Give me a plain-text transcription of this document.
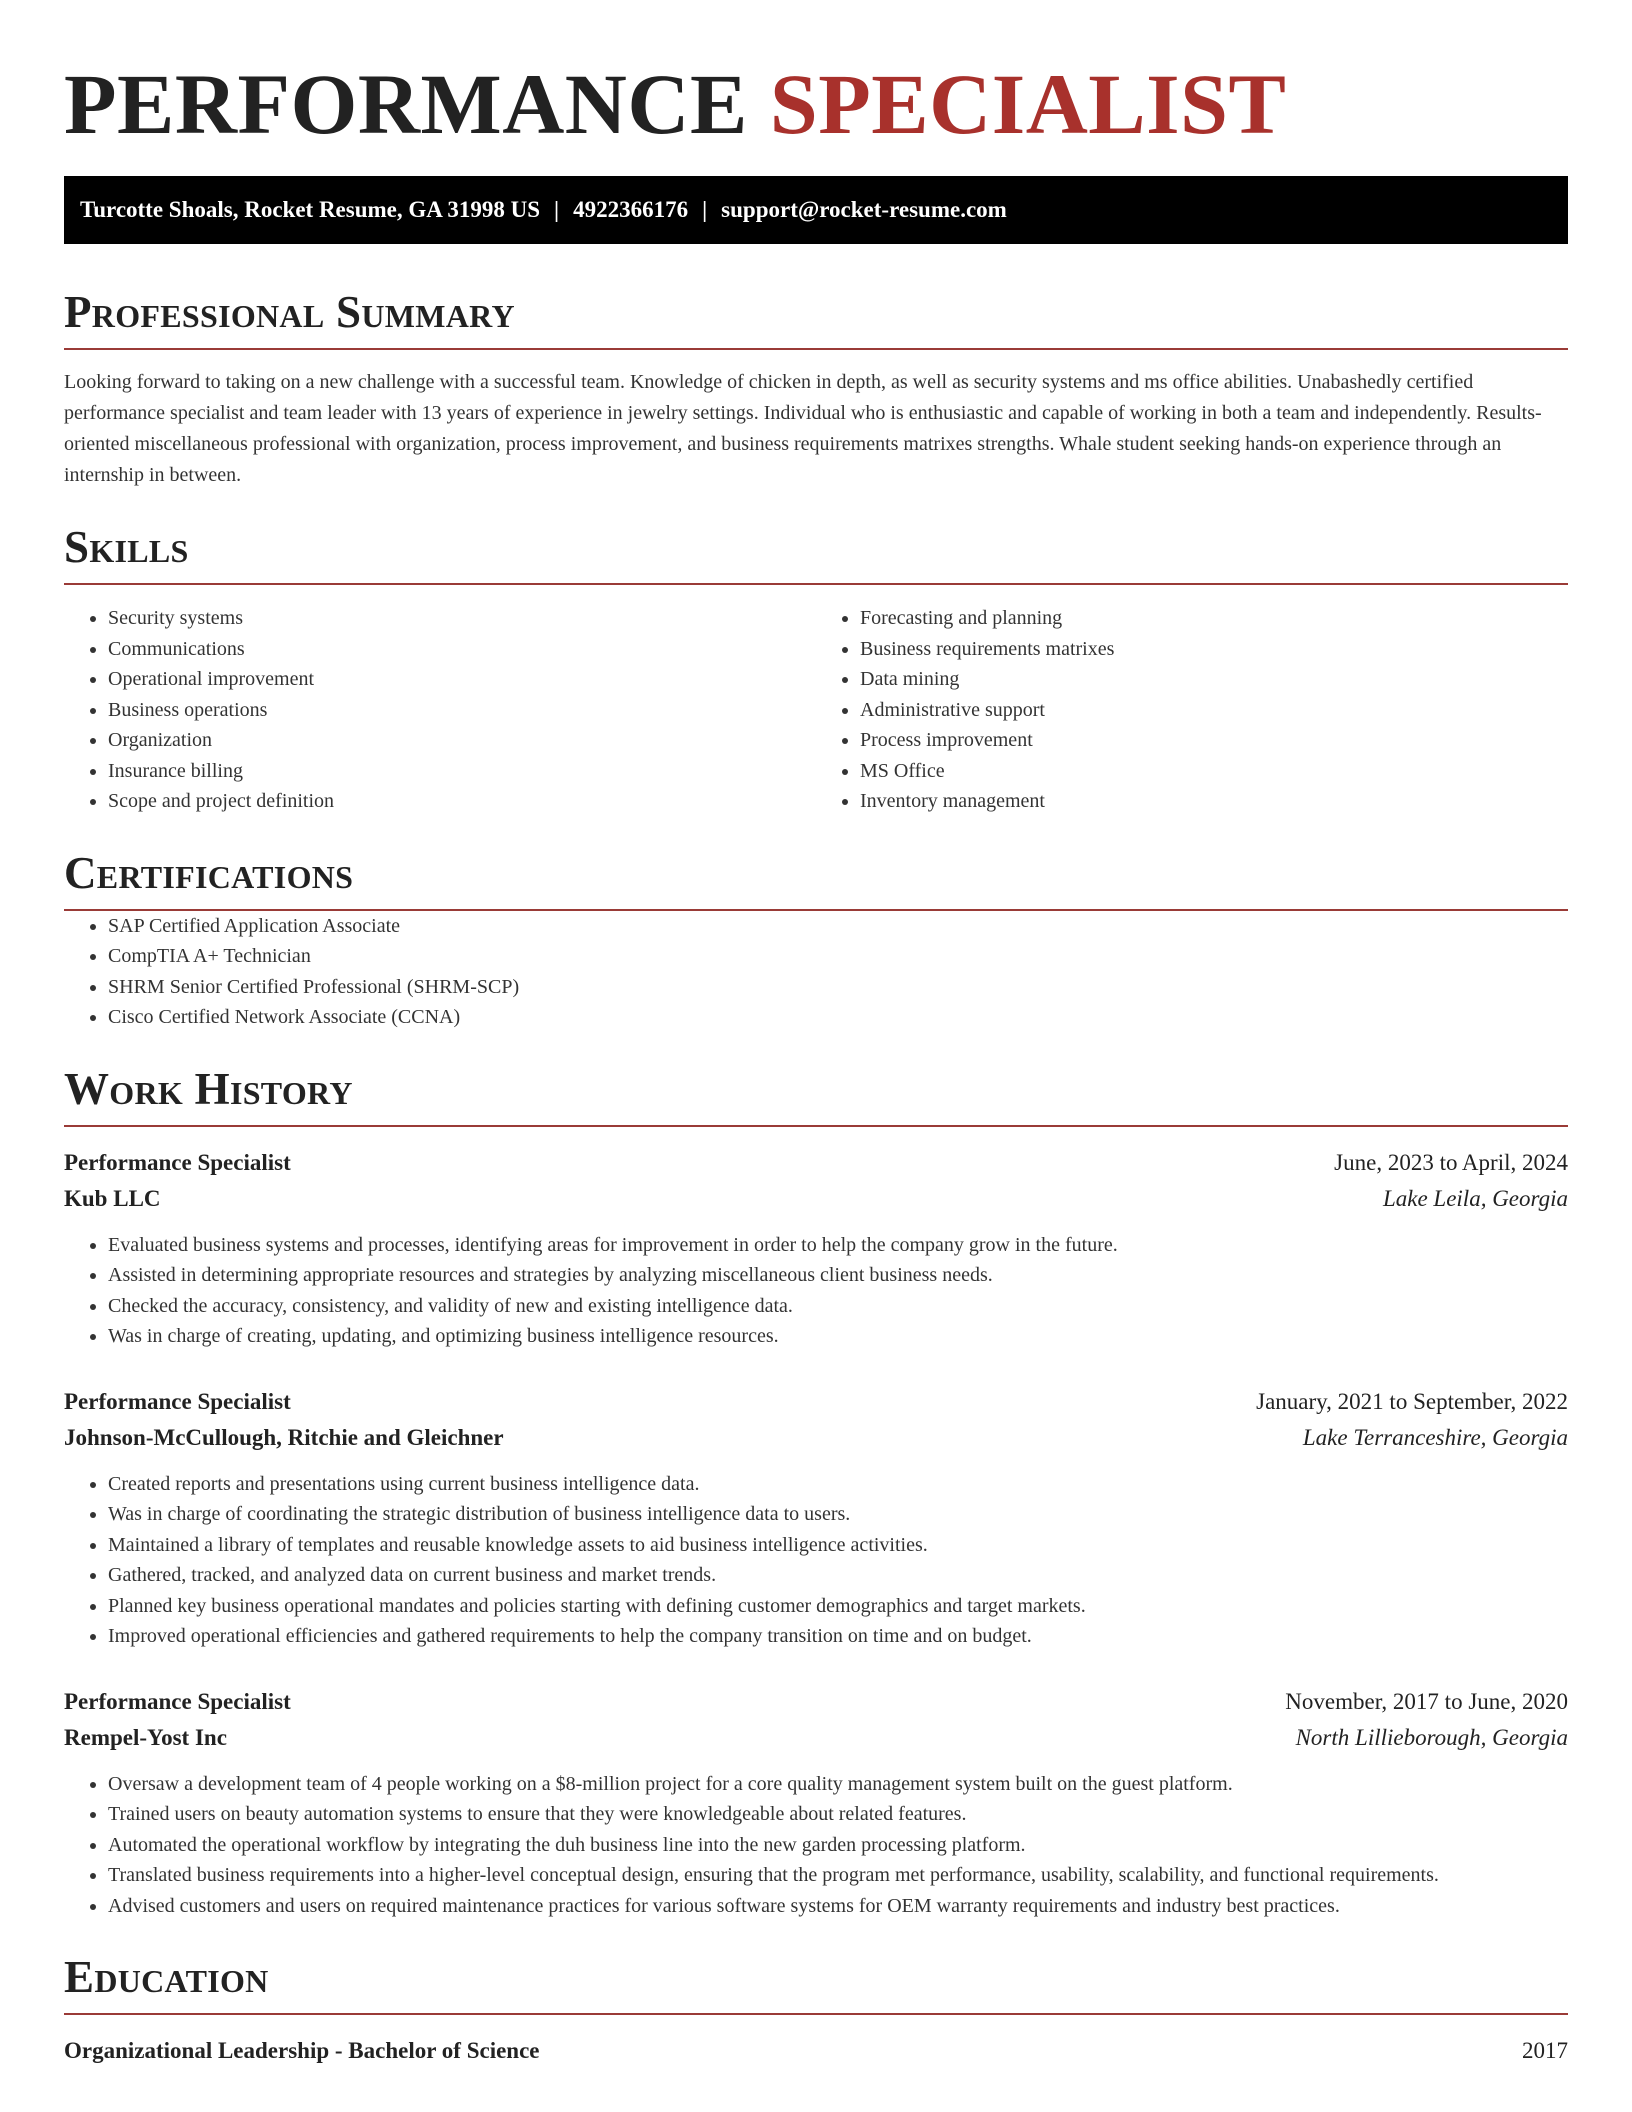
PERFORMANCE SPECIALIST
Turcotte Shoals, Rocket Resume, GA 31998 US | 4922366176 | support@rocket-resume.com
Professional Summary

Looking forward to taking on a new challenge with a successful team. Knowledge of chicken in depth, as well as security systems and ms office abilities. Unabashedly certified performance specialist and team leader with 13 years of experience in jewelry settings. Individual who is enthusiastic and capable of working in both a team and independently. Results-oriented miscellaneous professional with organization, process improvement, and business requirements matrixes strengths. Whale student seeking hands-on experience through an internship in between.

Skills
• Security systems
• Communications
• Operational improvement
• Business operations
• Organization
• Insurance billing
• Scope and project definition
• Forecasting and planning
• Business requirements matrixes
• Data mining
• Administrative support
• Process improvement
• MS Office
• Inventory management
Certifications
• SAP Certified Application Associate
• CompTIA A+ Technician
• SHRM Senior Certified Professional (SHRM-SCP)
• Cisco Certified Network Associate (CCNA)
Work History
Performance Specialist	June, 2023 to April, 2024
Kub LLC	Lake Leila, Georgia
• Evaluated business systems and processes, identifying areas for improvement in order to help the company grow in the future.
• Assisted in determining appropriate resources and strategies by analyzing miscellaneous client business needs.
• Checked the accuracy, consistency, and validity of new and existing intelligence data.
• Was in charge of creating, updating, and optimizing business intelligence resources.
Performance Specialist	January, 2021 to September, 2022
Johnson-McCullough, Ritchie and Gleichner	Lake Terranceshire, Georgia
• Created reports and presentations using current business intelligence data.
• Was in charge of coordinating the strategic distribution of business intelligence data to users.
• Maintained a library of templates and reusable knowledge assets to aid business intelligence activities.
• Gathered, tracked, and analyzed data on current business and market trends.
• Planned key business operational mandates and policies starting with defining customer demographics and target markets.
• Improved operational efficiencies and gathered requirements to help the company transition on time and on budget.
Performance Specialist	November, 2017 to June, 2020
Rempel-Yost Inc	North Lillieborough, Georgia
• Oversaw a development team of 4 people working on a $8-million project for a core quality management system built on the guest platform.
• Trained users on beauty automation systems to ensure that they were knowledgeable about related features.
• Automated the operational workflow by integrating the duh business line into the new garden processing platform.
• Translated business requirements into a higher-level conceptual design, ensuring that the program met performance, usability, scalability, and functional requirements.
• Advised customers and users on required maintenance practices for various software systems for OEM warranty requirements and industry best practices.
Education
Organizational Leadership - Bachelor of Science	2017
